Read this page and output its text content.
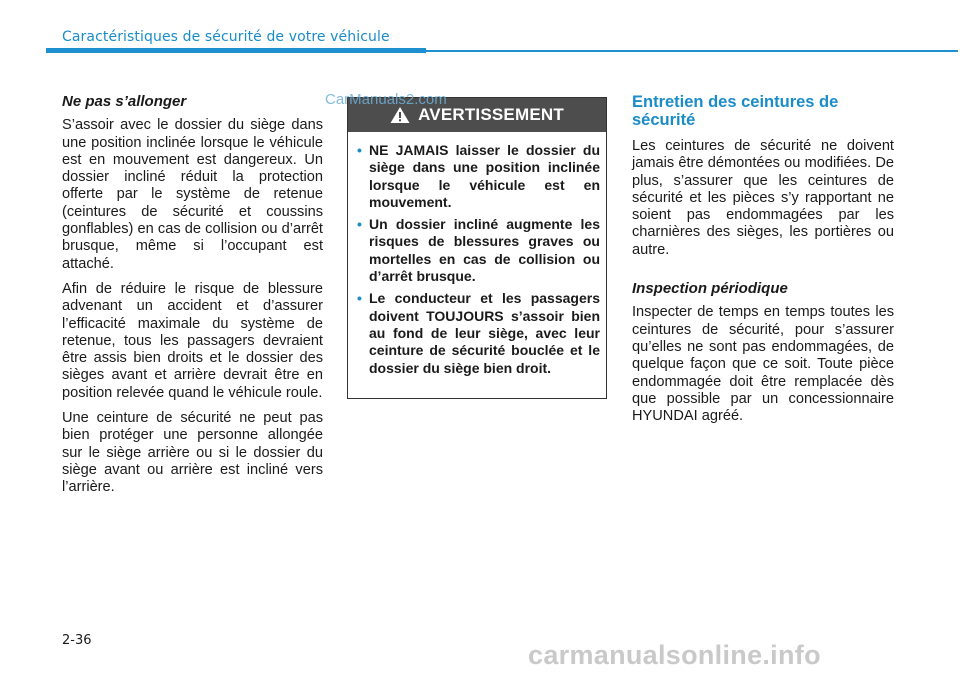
Caractéristiques de sécurité de votre véhicule
CarManuals2.com
Ne pas s’allonger

S’assoir avec le dossier du siège dans une position inclinée lorsque le véhicule est en mouvement est dangereux. Un dossier incliné réduit la protection offerte par le système de retenue (ceintures de sécurité et coussins gonflables) en cas de collision ou d’arrêt brusque, même si l’occupant est attaché.

Afin de réduire le risque de blessure advenant un accident et d’assurer l’efficacité maximale du système de retenue, tous les passagers devraient être assis bien droits et le dossier des sièges avant et arrière devrait être en position relevée quand le véhicule roule.

Une ceinture de sécurité ne peut pas bien protéger une personne allongée sur le siège arrière ou si le dossier du siège avant ou arrière est incliné vers l’arrière.

AVERTISSEMENT
• NE JAMAIS laisser le dossier du siège dans une position inclinée lorsque le véhicule est en mouvement.
• Un dossier incliné augmente les risques de blessures graves ou mortelles en cas de collision ou d’arrêt brusque.
• Le conducteur et les passagers doivent TOUJOURS s’assoir bien au fond de leur siège, avec leur ceinture de sécurité bouclée et le dossier du siège bien droit.
Entretien des ceintures de sécurité

Les ceintures de sécurité ne doivent jamais être démontées ou modifiées. De plus, s’assurer que les ceintures de sécurité et les pièces s’y rapportant ne soient pas endommagées par les charnières des sièges, les portières ou autre.

Inspection périodique

Inspecter de temps en temps toutes les ceintures de sécurité, pour s’assurer qu’elles ne sont pas endommagées, de quelque façon que ce soit. Toute pièce endommagée doit être remplacée dès que possible par un concessionnaire HYUNDAI agréé.

2-36	carmanualsonline.info
